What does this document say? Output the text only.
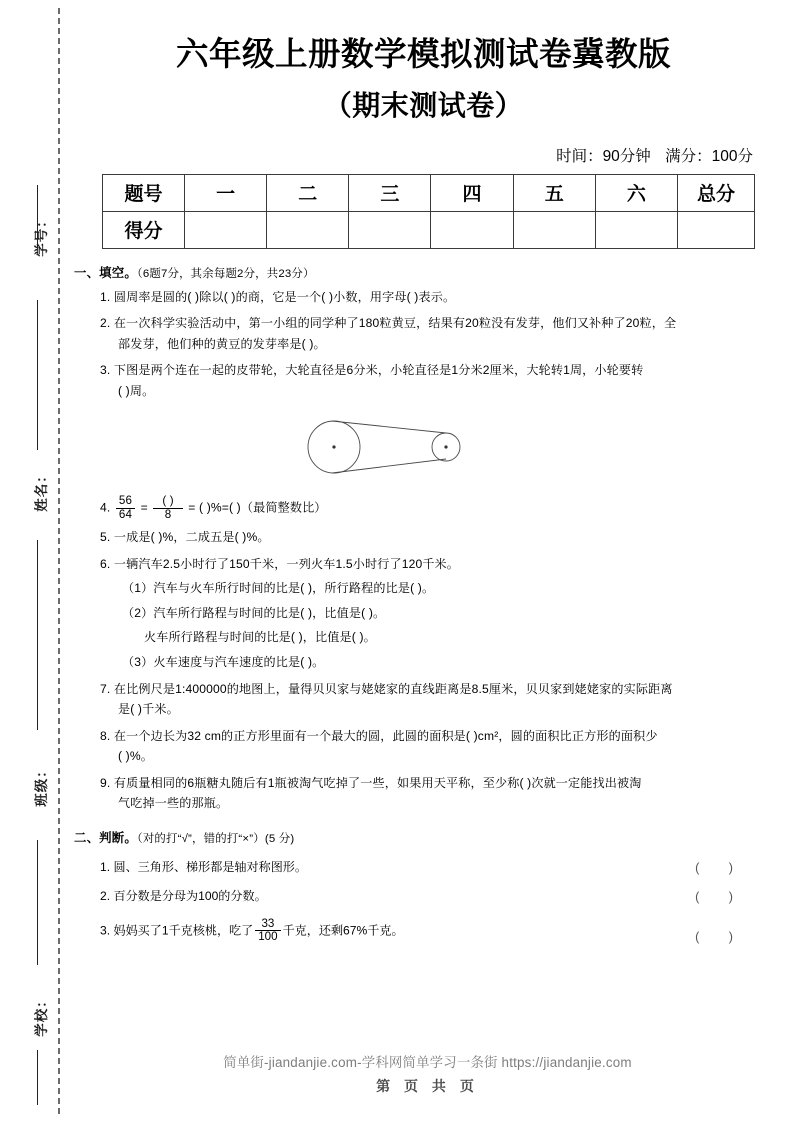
学号：
姓名：
班级：
学校：
六年级上册数学模拟测试卷冀教版
（期末测试卷）
时间：90分钟 满分：100分
题号	一	二	三	四	五	六	总分
得分							
一、填空。（6题7分，其余每题2分，共23分）
1. 圆周率是圆的( )除以( )的商，它是一个( )小数，用字母( )表示。
2. 在一次科学实验活动中，第一小组的同学种了180粒黄豆，结果有20粒没有发芽，他们又补种了20粒，全
部发芽，他们种的黄豆的发芽率是( )。
3. 下图是两个连在一起的皮带轮，大轮直径是6分米，小轮直径是1分米2厘米，大轮转1周，小轮要转
( )周。
4. $\frac{56}{64} = \frac{( )}{8}$ = ( )%=( )（最简整数比）
5. 一成是( )%，二成五是( )%。
6. 一辆汽车2.5小时行了150千米，一列火车1.5小时行了120千米。
（1）汽车与火车所行时间的比是( )，所行路程的比是( )。
（2）汽车所行路程与时间的比是( )，比值是( )。
火车所行路程与时间的比是( )，比值是( )。
（3）火车速度与汽车速度的比是( )。
7. 在比例尺是1:400000的地图上，量得贝贝家与姥姥家的直线距离是8.5厘米，贝贝家到姥姥家的实际距离
是( )千米。
8. 在一个边长为32 cm的正方形里面有一个最大的圆，此圆的面积是( )cm²，圆的面积比正方形的面积少
( )%。
9. 有质量相同的6瓶糖丸随后有1瓶被淘气吃掉了一些，如果用天平称，至少称( )次就一定能找出被淘
气吃掉一些的那瓶。
二、判断。（对的打“√”，错的打“×”）(5 分)
1. 圆、三角形、梯形都是轴对称图形。	( )
2. 百分数是分母为100的分数。	( )
3. 妈妈买了1千克核桃，吃了 $\frac{33}{100}$ 千克，还剩67%千克。	( )
简单街-jiandanjie.com-学科网简单学习一条街 https://jiandanjie.com
第 页 共 页
